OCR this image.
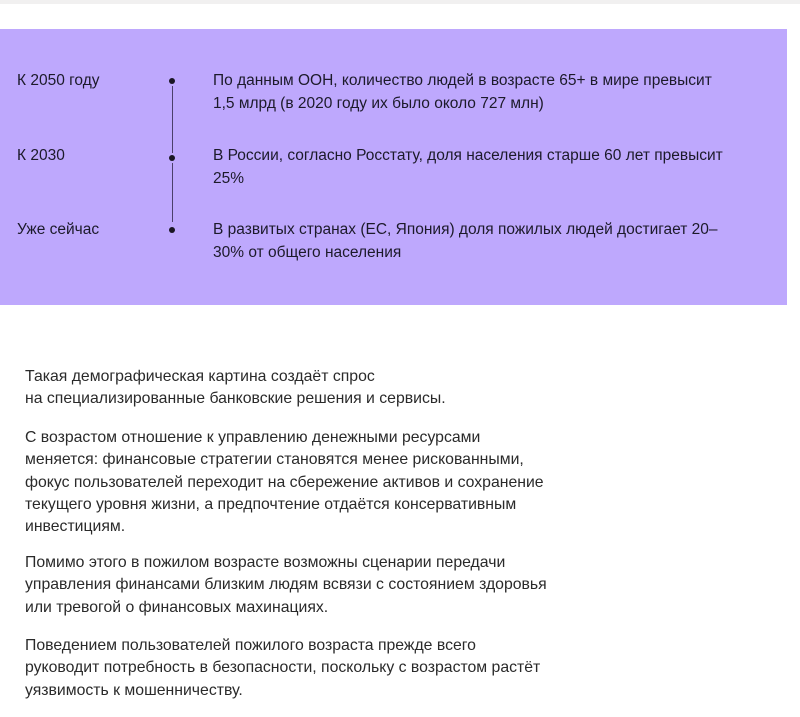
К 2050 году	По данным ООН, количество людей в возрасте 65+ в мире превысит
1,5 млрд (в 2020 году их было около 727 млн)
К 2030	В России, согласно Росстату, доля населения старше 60 лет превысит
25%
Уже сейчас	В развитых странах (ЕС, Япония) доля пожилых людей достигает 20–
30% от общего населения

Такая демографическая картина создаёт спрос

на специализированные банковские решения и сервисы.

С возрастом отношение к управлению денежными ресурсами

меняется: финансовые стратегии становятся менее рискованными,

фокус пользователей переходит на сбережение активов и сохранение

текущего уровня жизни, а предпочтение отдаётся консервативным

инвестициям.

Помимо этого в пожилом возрасте возможны сценарии передачи

управления финансами близким людям всвязи с состоянием здоровья

или тревогой о финансовых махинациях.

Поведением пользователей пожилого возраста прежде всего

руководит потребность в безопасности, поскольку с возрастом растёт

уязвимость к мошенничеству.
